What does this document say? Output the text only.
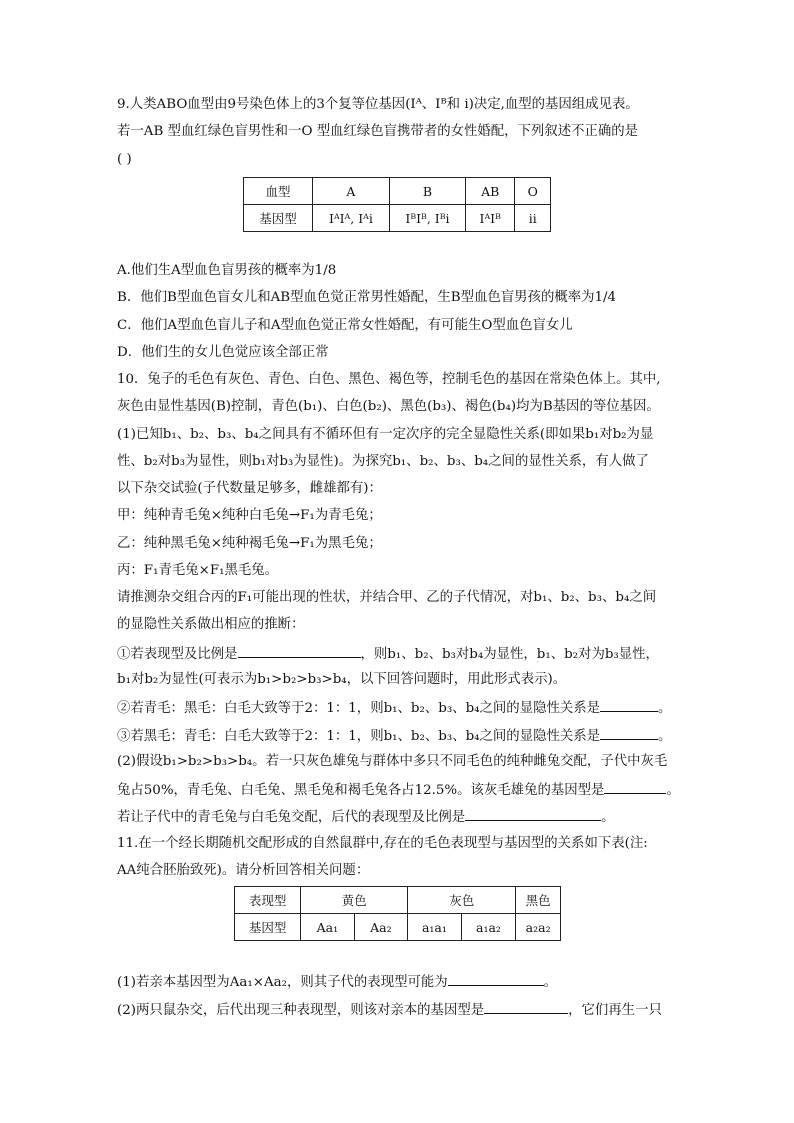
9.人类ABO血型由9号染色体上的3个复等位基因(Iᴬ、Iᴮ和 i)决定,血型的基因组成见表。
若一AB 型血红绿色盲男性和一O 型血红绿色盲携带者的女性婚配，下列叙述不正确的是
( )
血型	A	B	AB	O
基因型	IᴬIᴬ, Iᴬi	IᴮIᴮ, Iᴮi	IᴬIᴮ	ii
A.他们生A型血色盲男孩的概率为1/8
B．他们B型血色盲女儿和AB型血色觉正常男性婚配，生B型血色盲男孩的概率为1/4
C．他们A型血色盲儿子和A型血色觉正常女性婚配，有可能生O型血色盲女儿
D．他们生的女儿色觉应该全部正常
10．兔子的毛色有灰色、青色、白色、黑色、褐色等，控制毛色的基因在常染色体上。其中,
灰色由显性基因(B)控制，青色(b₁)、白色(b₂)、黑色(b₃)、褐色(b₄)均为B基因的等位基因。
(1)已知b₁、b₂、b₃、b₄之间具有不循环但有一定次序的完全显隐性关系(即如果b₁对b₂为显
性、b₂对b₃为显性，则b₁对b₃为显性)。为探究b₁、b₂、b₃、b₄之间的显性关系，有人做了
以下杂交试验(子代数量足够多，雌雄都有)：
甲：纯种青毛兔×纯种白毛兔→F₁为青毛兔；
乙：纯种黑毛兔×纯种褐毛兔→F₁为黑毛兔；
丙：F₁青毛兔×F₁黑毛兔。
请推测杂交组合丙的F₁可能出现的性状，并结合甲、乙的子代情况，对b₁、b₂、b₃、b₄之间
的显隐性关系做出相应的推断：
①若表现型及比例是	，则b₁、b₂、b₃对b₄为显性，b₁、b₂对为b₃显性，
b₁对b₂为显性(可表示为b₁>b₂>b₃>b₄，以下回答问题时，用此形式表示)。
②若青毛：黑毛：白毛大致等于2：1：1，则b₁、b₂、b₃、b₄之间的显隐性关系是	。
③若黑毛：青毛：白毛大致等于2：1：1，则b₁、b₂、b₃、b₄之间的显隐性关系是	。
(2)假设b₁>b₂>b₃>b₄。若一只灰色雄兔与群体中多只不同毛色的纯种雌兔交配，子代中灰毛
兔占50%，青毛兔、白毛兔、黑毛兔和褐毛兔各占12.5%。该灰毛雄兔的基因型是	。
若让子代中的青毛兔与白毛兔交配，后代的表现型及比例是	。
11.在一个经长期随机交配形成的自然鼠群中,存在的毛色表现型与基因型的关系如下表(注:
AA纯合胚胎致死)。请分析回答相关问题：
表现型	黄色		灰色		黑色
基因型	Aa₁	Aa₂	a₁a₁	a₁a₂	a₂a₂
(1)若亲本基因型为Aa₁×Aa₂，则其子代的表现型可能为	。
(2)两只鼠杂交，后代出现三种表现型，则该对亲本的基因型是	，它们再生一只
